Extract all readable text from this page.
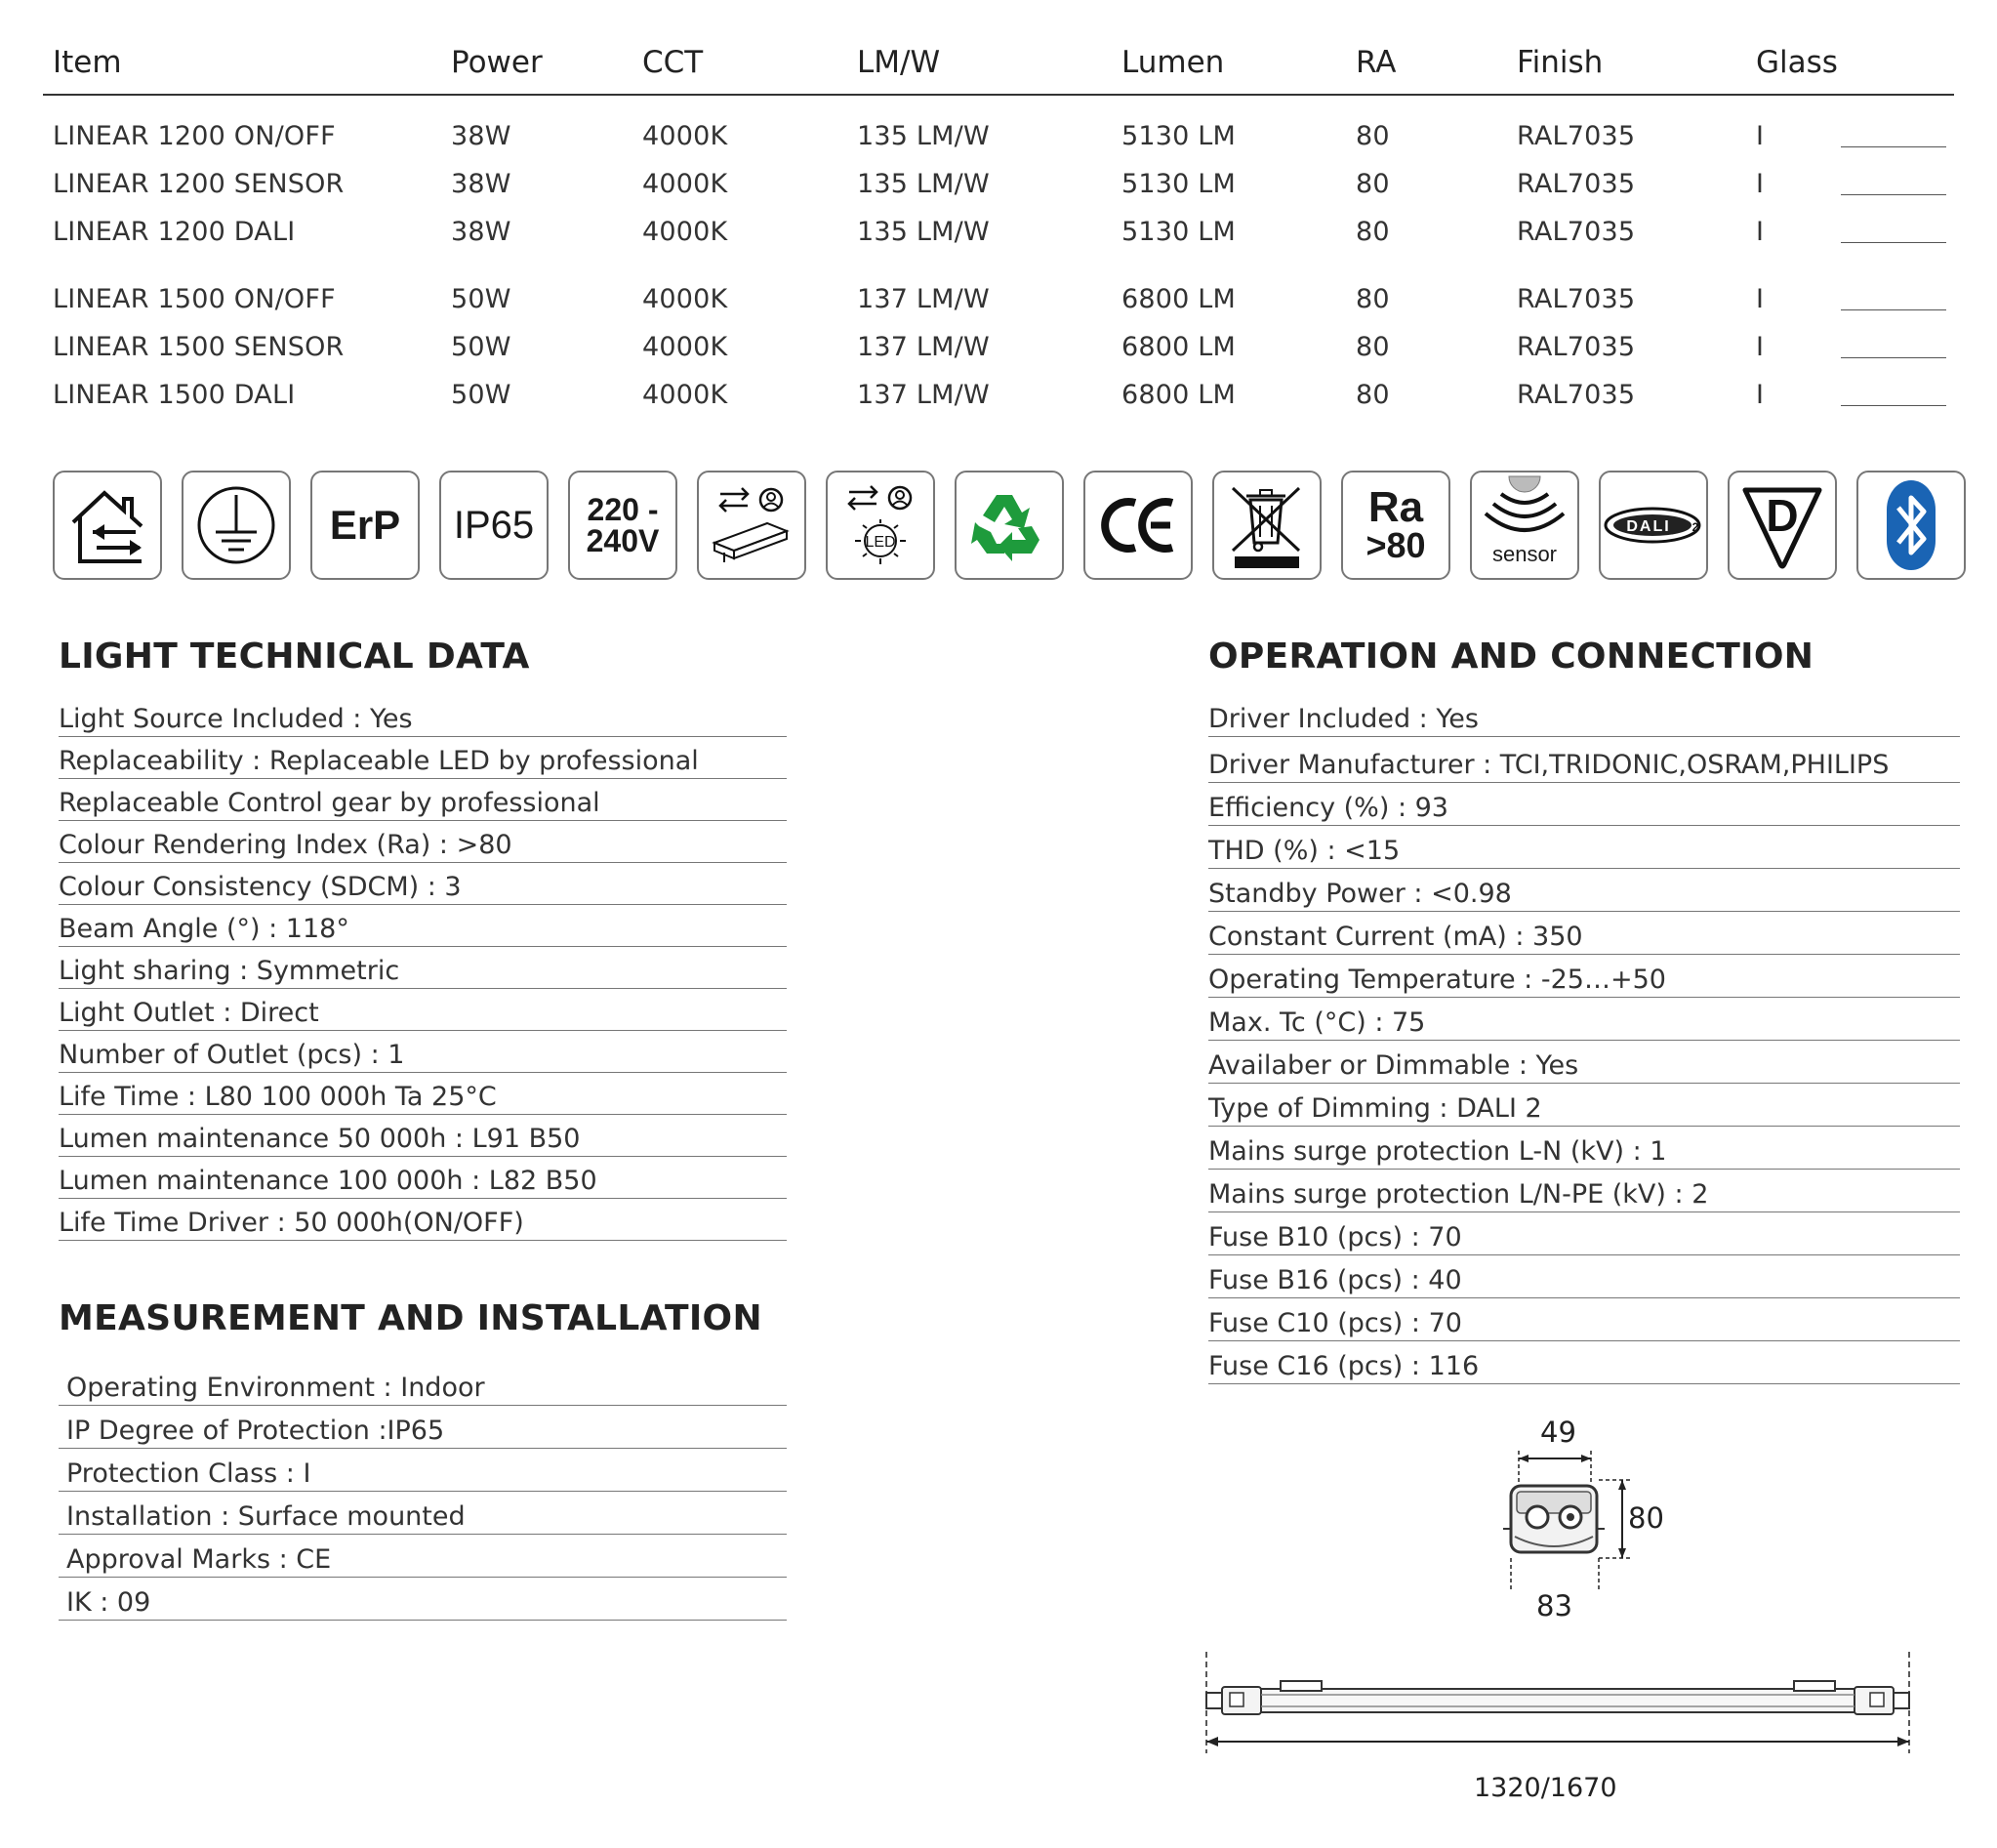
Item	Power	CCT	LM/W	Lumen	RA	Finish	Glass
LINEAR 1200 ON/OFF	38W	4000K	135 LM/W	5130 LM	80	RAL7035	I
LINEAR 1200 SENSOR	38W	4000K	135 LM/W	5130 LM	80	RAL7035	I
LINEAR 1200 DALI	38W	4000K	135 LM/W	5130 LM	80	RAL7035	I
LINEAR 1500 ON/OFF	50W	4000K	137 LM/W	6800 LM	80	RAL7035	I
LINEAR 1500 SENSOR	50W	4000K	137 LM/W	6800 LM	80	RAL7035	I
LINEAR 1500 DALI	50W	4000K	137 LM/W	6800 LM	80	RAL7035	I
ErP IP65 220 -
240V	LED
Ra
>80	sensor
DALI 2 D
LIGHT TECHNICAL DATA
Light Source Included : Yes
Replaceability : Replaceable LED by professional
Replaceable Control gear by professional
Colour Rendering Index (Ra) : >80
Colour Consistency (SDCM) : 3
Beam Angle (°) : 118°
Light sharing : Symmetric
Light Outlet : Direct
Number of Outlet (pcs) : 1
Life Time : L80 100 000h Ta 25°C
Lumen maintenance 50 000h : L91 B50
Lumen maintenance 100 000h : L82 B50
Life Time Driver : 50 000h(ON/OFF)
MEASUREMENT AND INSTALLATION
Operating Environment : Indoor
IP Degree of Protection :IP65
Protection Class : I
Installation : Surface mounted
Approval Marks : CE
IK : 09
OPERATION AND CONNECTION
Driver Included : Yes
Driver Manufacturer : TCI,TRIDONIC,OSRAM,PHILIPS
Efficiency (%) : 93
THD (%) : <15
Standby Power : <0.98
Constant Current (mA) : 350
Operating Temperature : -25…+50
Max. Tc (°C) : 75
Availaber or Dimmable : Yes
Type of Dimming : DALI 2
Mains surge protection L-N (kV) : 1
Mains surge protection L/N-PE (kV) : 2
Fuse B10 (pcs) : 70
Fuse B16 (pcs) : 40
Fuse C10 (pcs) : 70
Fuse C16 (pcs) : 116
49
80
83
1320/1670
